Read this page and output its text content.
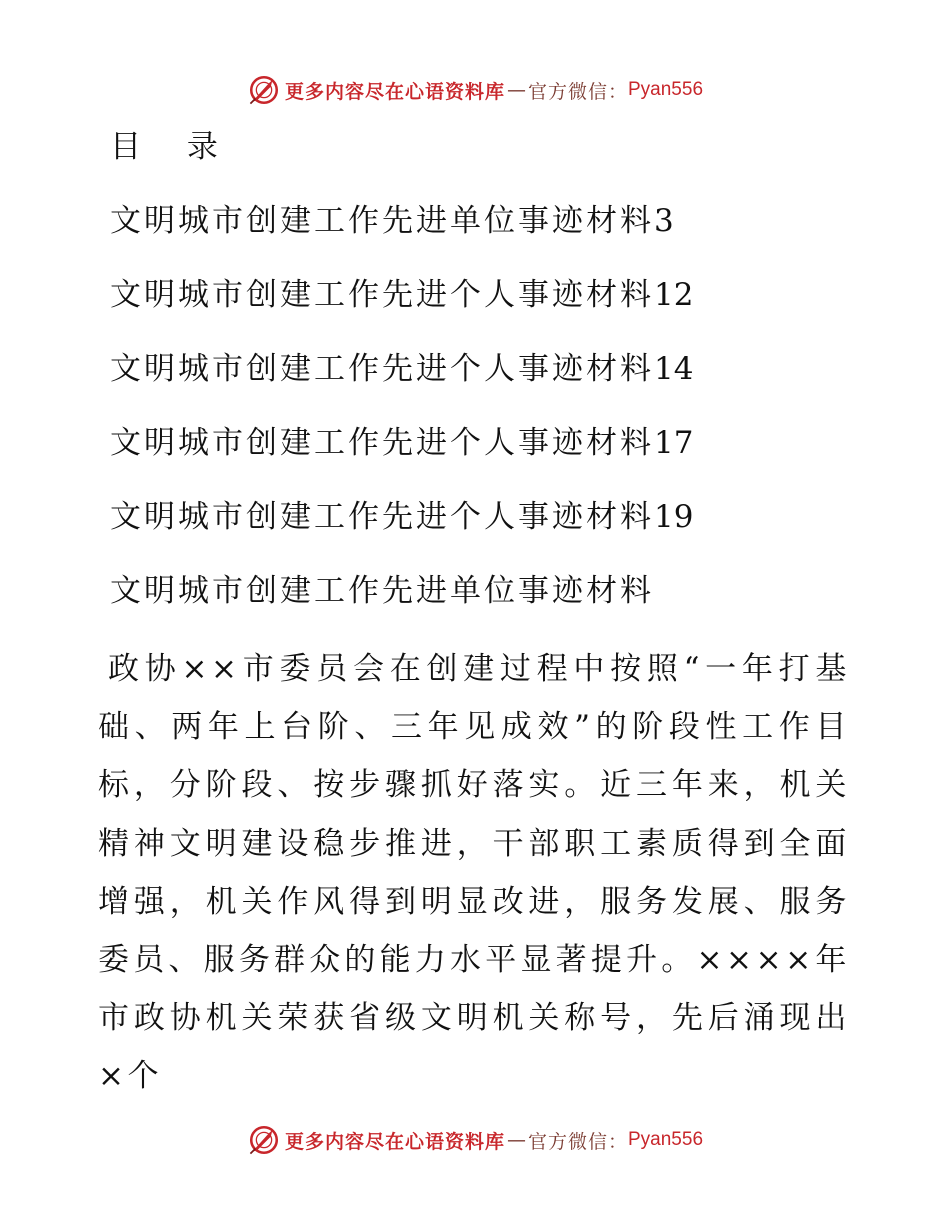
更多内容尽在心语资料库 — 官方微信： Pyan556
目 录
文明城市创建工作先进单位事迹材料3
文明城市创建工作先进个人事迹材料12
文明城市创建工作先进个人事迹材料14
文明城市创建工作先进个人事迹材料17
文明城市创建工作先进个人事迹材料19
文明城市创建工作先进单位事迹材料

政协××市委员会在创建过程中按照“一年打基础、两年上台阶、三年见成效”的阶段性工作目标，分阶段、按步骤抓好落实。近三年来，机关精神文明建设稳步推进，干部职工素质得到全面增强，机关作风得到明显改进，服务发展、服务委员、服务群众的能力水平显著提升。××××年市政协机关荣获省级文明机关称号，先后涌现出×个

更多内容尽在心语资料库 — 官方微信： Pyan556
